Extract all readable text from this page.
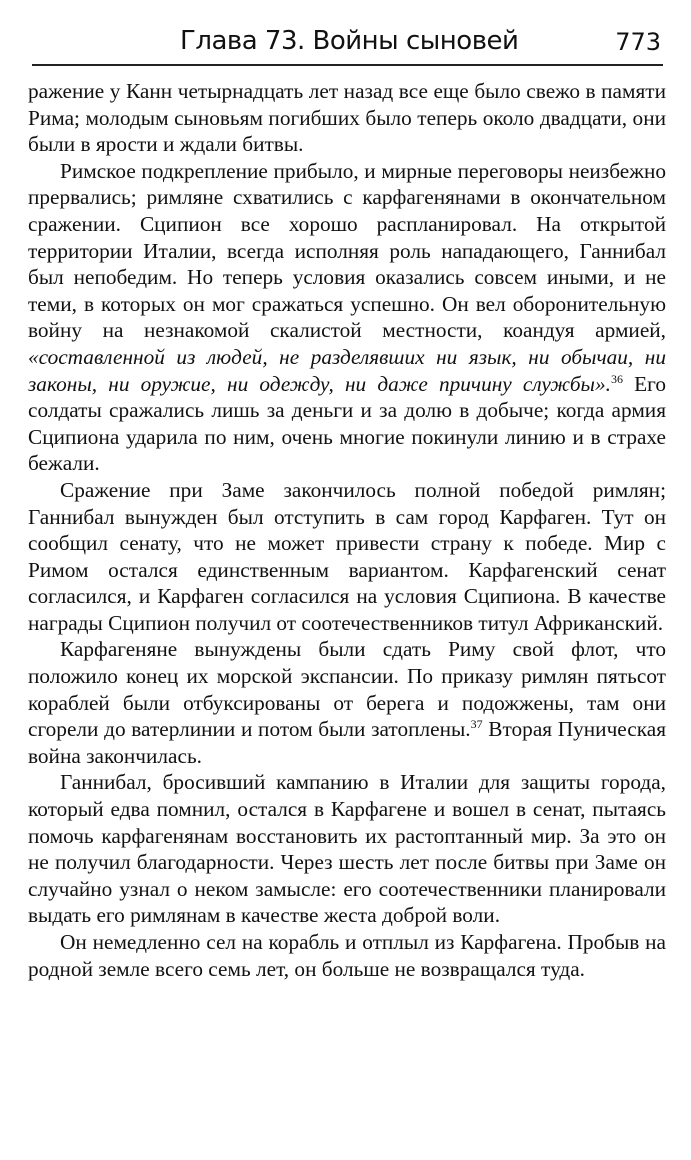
Глава 73. Войны сыновей	773

ражение у Канн четырнадцать лет назад все еще было свежо в памяти Рима; молодым сыновьям погибших было теперь около двадцати, они были в ярости и ждали битвы.

Римское подкрепление прибыло, и мирные переговоры неизбежно прервались; римляне схватились с карфагенянами в окончательном сражении. Сципион все хорошо распланировал. На открытой территории Италии, всегда исполняя роль нападающего, Ганнибал был непобедим. Но теперь условия оказались совсем иными, и не теми, в которых он мог сражаться успешно. Он вел оборонительную войну на незнакомой скалистой местности, коандуя армией, «составленной из людей, не разделявших ни язык, ни обычаи, ни законы, ни оружие, ни одежду, ни даже причину службы».$^{36}$ Его солдаты сражались лишь за деньги и за долю в добыче; когда армия Сципиона ударила по ним, очень многие покинули линию и в страхе бежали.

Сражение при Заме закончилось полной победой римлян; Ганнибал вынужден был отступить в сам город Карфаген. Тут он сообщил сенату, что не может привести страну к победе. Мир с Римом остался единственным вариантом. Карфагенский сенат согласился, и Карфаген согласился на условия Сципиона. В качестве награды Сципион получил от соотечественников титул Африканский.

Карфагеняне вынуждены были сдать Риму свой флот, что положило конец их морской экспансии. По приказу римлян пятьсот кораблей были отбуксированы от берега и подожжены, там они сгорели до ватерлинии и потом были затоплены.$^{37}$ Вторая Пуническая война закончилась.

Ганнибал, бросивший кампанию в Италии для защиты города, который едва помнил, остался в Карфагене и вошел в сенат, пытаясь помочь карфагенянам восстановить их растоптанный мир. За это он не получил благодарности. Через шесть лет после битвы при Заме он случайно узнал о неком замысле: его соотечественники планировали выдать его римлянам в качестве жеста доброй воли.

Он немедленно сел на корабль и отплыл из Карфагена. Пробыв на родной земле всего семь лет, он больше не возвращался туда.
